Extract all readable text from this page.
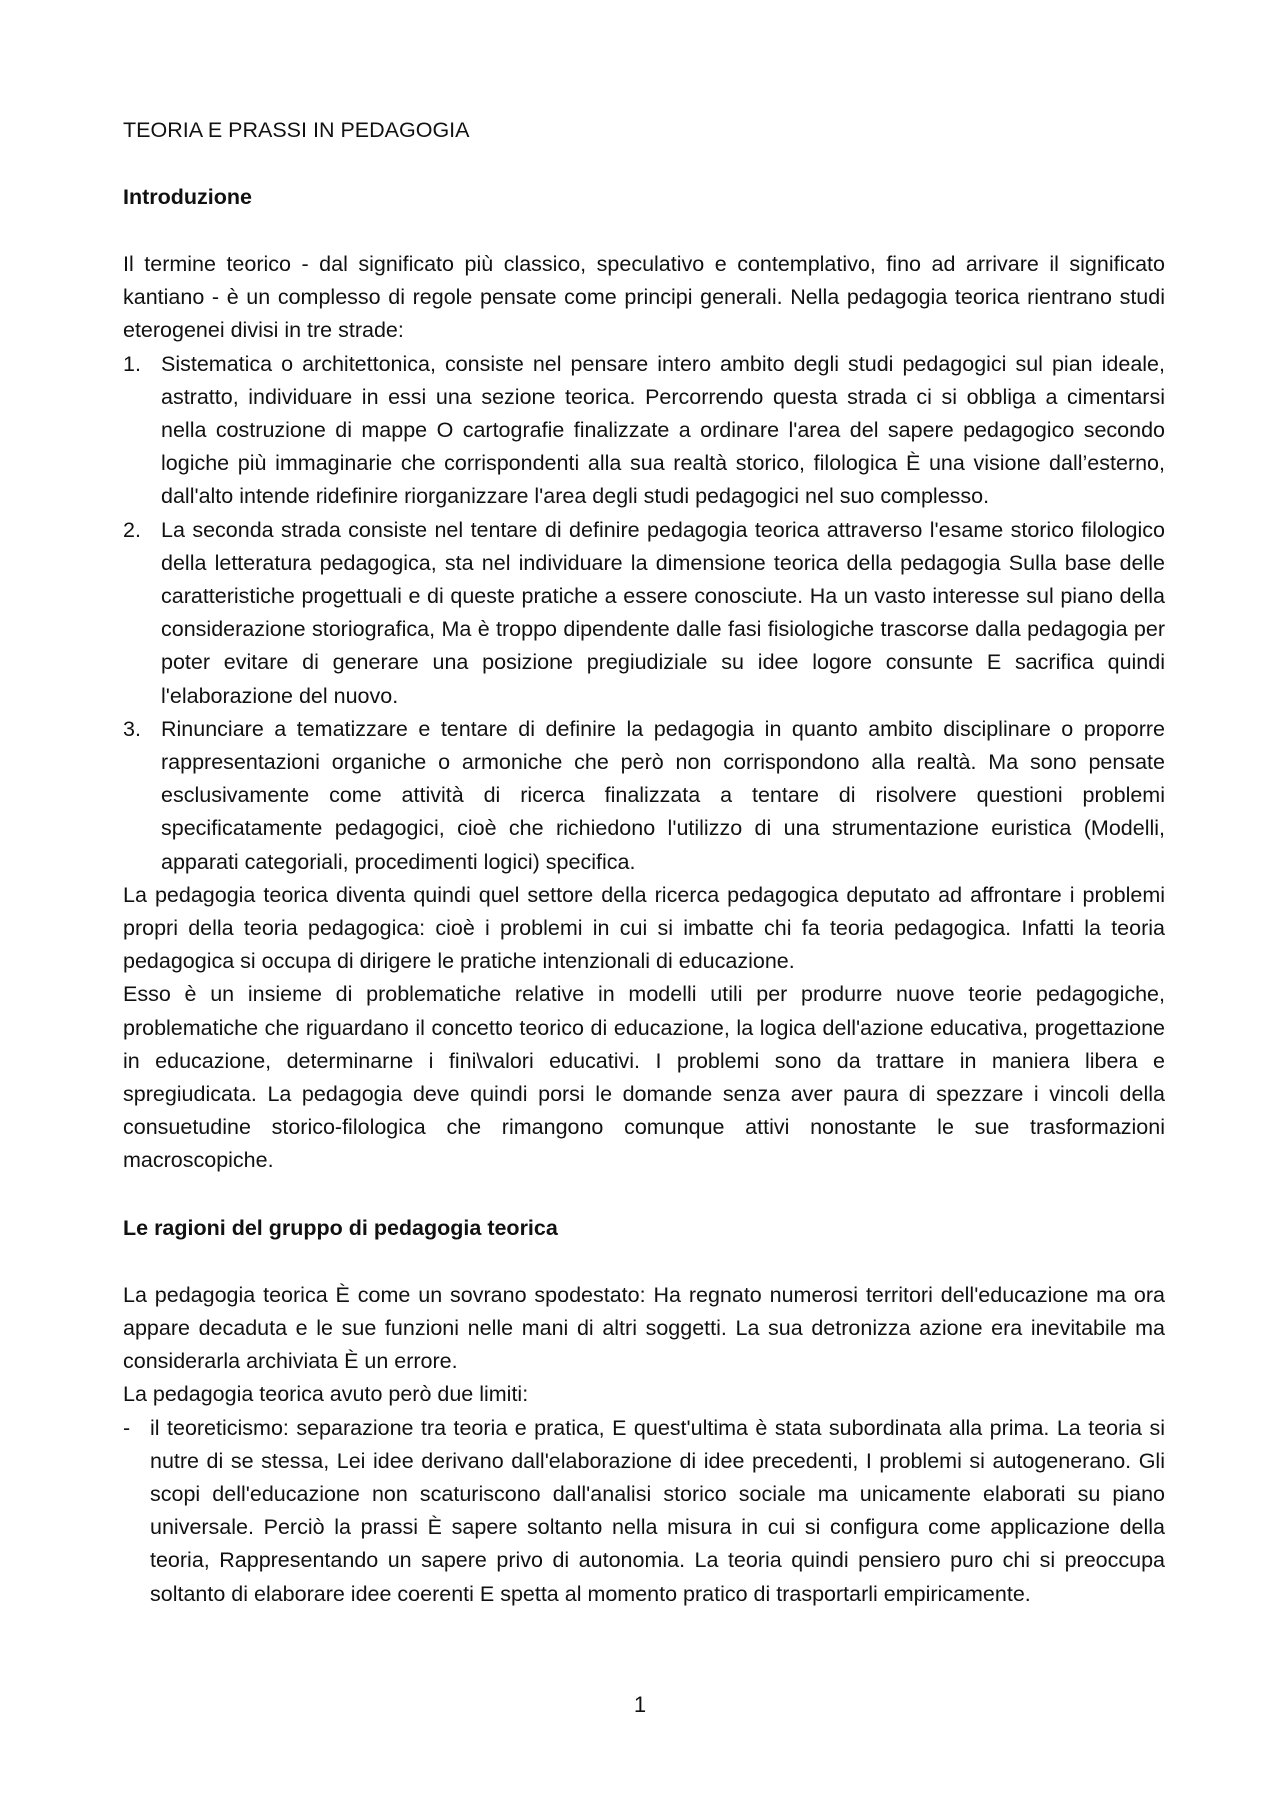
TEORIA E PRASSI IN PEDAGOGIA
Introduzione

Il termine teorico - dal significato più classico, speculativo e contemplativo, fino ad arrivare il significato kantiano - è un complesso di regole pensate come principi generali. Nella pedagogia teorica rientrano studi eterogenei divisi in tre strade:

1. Sistematica o architettonica, consiste nel pensare intero ambito degli studi pedagogici sul pian ideale, astratto, individuare in essi una sezione teorica. Percorrendo questa strada ci si obbliga a cimentarsi nella costruzione di mappe O cartografie finalizzate a ordinare l'area del sapere pedagogico secondo logiche più immaginarie che corrispondenti alla sua realtà storico, filologica È una visione dall’esterno, dall'alto intende ridefinire riorganizzare l'area degli studi pedagogici nel suo complesso.
2. La seconda strada consiste nel tentare di definire pedagogia teorica attraverso l'esame storico filologico della letteratura pedagogica, sta nel individuare la dimensione teorica della pedagogia Sulla base delle caratteristiche progettuali e di queste pratiche a essere conosciute. Ha un vasto interesse sul piano della considerazione storiografica, Ma è troppo dipendente dalle fasi fisiologiche trascorse dalla pedagogia per poter evitare di generare una posizione pregiudiziale su idee logore consunte E sacrifica quindi l'elaborazione del nuovo.
3. Rinunciare a tematizzare e tentare di definire la pedagogia in quanto ambito disciplinare o proporre rappresentazioni organiche o armoniche che però non corrispondono alla realtà. Ma sono pensate esclusivamente come attività di ricerca finalizzata a tentare di risolvere questioni problemi specificatamente pedagogici, cioè che richiedono l'utilizzo di una strumentazione euristica (Modelli, apparati categoriali, procedimenti logici) specifica.

La pedagogia teorica diventa quindi quel settore della ricerca pedagogica deputato ad affrontare i problemi propri della teoria pedagogica: cioè i problemi in cui si imbatte chi fa teoria pedagogica. Infatti la teoria pedagogica si occupa di dirigere le pratiche intenzionali di educazione.

Esso è un insieme di problematiche relative in modelli utili per produrre nuove teorie pedagogiche, problematiche che riguardano il concetto teorico di educazione, la logica dell'azione educativa, progettazione in educazione, determinarne i fini\valori educativi. I problemi sono da trattare in maniera libera e spregiudicata. La pedagogia deve quindi porsi le domande senza aver paura di spezzare i vincoli della consuetudine storico-filologica che rimangono comunque attivi nonostante le sue trasformazioni macroscopiche.

Le ragioni del gruppo di pedagogia teorica

La pedagogia teorica È come un sovrano spodestato: Ha regnato numerosi territori dell'educazione ma ora appare decaduta e le sue funzioni nelle mani di altri soggetti. La sua detronizza azione era inevitabile ma considerarla archiviata È un errore.

La pedagogia teorica avuto però due limiti:

- il teoreticismo: separazione tra teoria e pratica, E quest'ultima è stata subordinata alla prima. La teoria si nutre di se stessa, Lei idee derivano dall'elaborazione di idee precedenti, I problemi si autogenerano. Gli scopi dell'educazione non scaturiscono dall'analisi storico sociale ma unicamente elaborati su piano universale. Perciò la prassi È sapere soltanto nella misura in cui si configura come applicazione della teoria, Rappresentando un sapere privo di autonomia. La teoria quindi pensiero puro chi si preoccupa soltanto di elaborare idee coerenti E spetta al momento pratico di trasportarli empiricamente.
1
